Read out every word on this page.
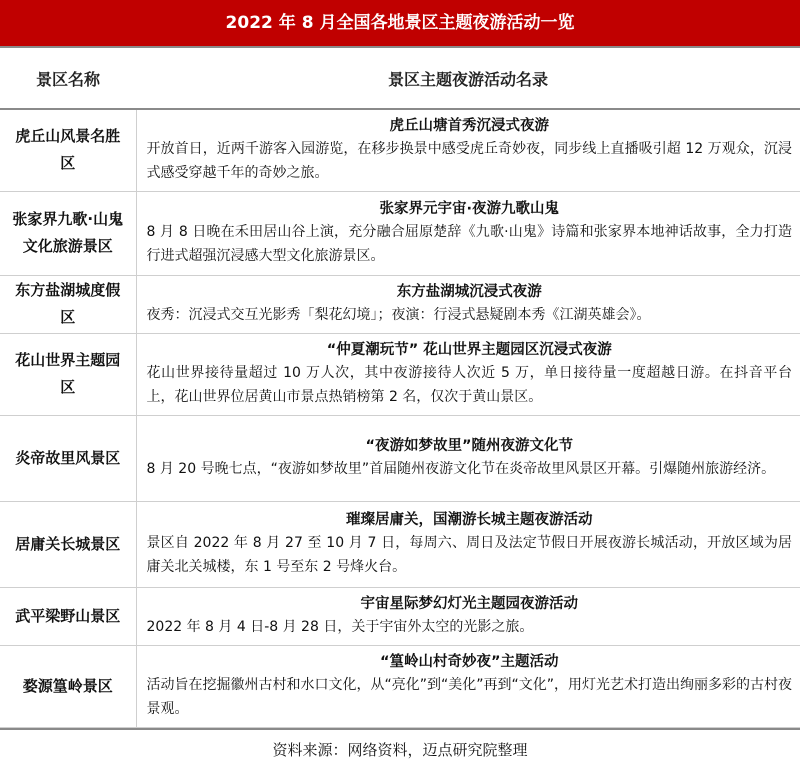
2022 年 8 月全国各地景区主题夜游活动一览
景区名称	景区主题夜游活动名录
虎丘山风景名胜区	虎丘山塘首秀沉浸式夜游
开放首日，近两千游客入园游览，在移步换景中感受虎丘奇妙夜，同步线上直播吸引超 12 万观众，沉浸式感受穿越千年的奇妙之旅。

张家界九歌·山鬼文化旅游景区	张家界元宇宙·夜游九歌山鬼
8 月 8 日晚在禾田居山谷上演，充分融合屈原楚辞《九歌·山鬼》诗篇和张家界本地神话故事，全力打造行进式超强沉浸感大型文化旅游景区。

东方盐湖城度假区	东方盐湖城沉浸式夜游
夜秀：沉浸式交互光影秀「梨花幻境」；夜演：行浸式悬疑剧本秀《江湖英雄会》。

花山世界主题园区	“仲夏潮玩节” 花山世界主题园区沉浸式夜游
花山世界接待量超过 10 万人次，其中夜游接待人次近 5 万，单日接待量一度超越日游。在抖音平台上，花山世界位居黄山市景点热销榜第 2 名，仅次于黄山景区。

炎帝故里风景区	“夜游如梦故里”随州夜游文化节
8 月 20 号晚七点，“夜游如梦故里”首届随州夜游文化节在炎帝故里风景区开幕。引爆随州旅游经济。

居庸关长城景区	璀璨居庸关，国潮游长城主题夜游活动
景区自 2022 年 8 月 27 至 10 月 7 日，每周六、周日及法定节假日开展夜游长城活动，开放区域为居庸关北关城楼，东 1 号至东 2 号烽火台。

武平梁野山景区	宇宙星际梦幻灯光主题园夜游活动
2022 年 8 月 4 日-8 月 28 日，关于宇宙外太空的光影之旅。

婺源篁岭景区	“篁岭山村奇妙夜”主题活动
活动旨在挖掘徽州古村和水口文化，从“亮化”到“美化”再到“文化”，用灯光艺术打造出绚丽多彩的古村夜景观。
资料来源：网络资料，迈点研究院整理
